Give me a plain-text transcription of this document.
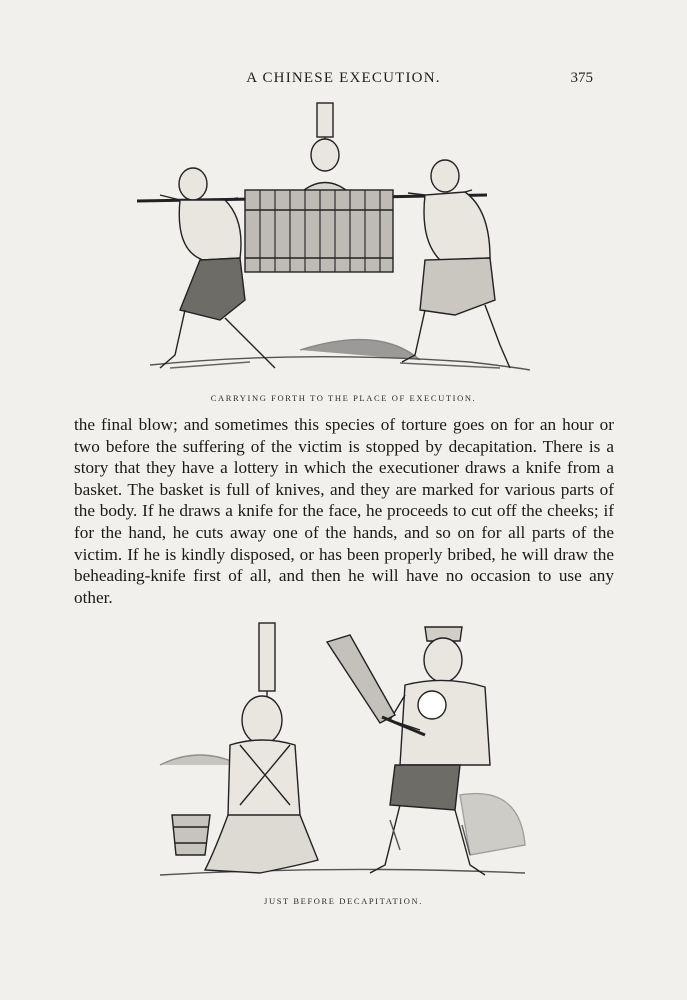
A CHINESE EXECUTION.	375
CARRYING FORTH TO THE PLACE OF EXECUTION.
the final blow; and sometimes this species of torture goes on for an hour or two before the suffering of the victim is stopped by decapitation. There is a story that they have a lottery in which the executioner draws a knife from a basket. The basket is full of knives, and they are marked for various parts of the body. If he draws a knife for the face, he proceeds to cut off the cheeks; if for the hand, he cuts away one of the hands, and so on for all parts of the victim. If he is kindly disposed, or has been properly bribed, he will draw the beheading-knife first of all, and then he will have no occasion to use any other.
JUST BEFORE DECAPITATION.
